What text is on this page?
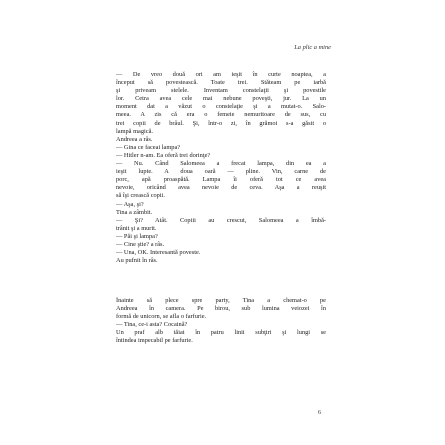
La plic a mine
— De vreo două ori am ieşit în curte noaptea, a
început să povestească. Toate trei. Stăteam pe iarbă
şi priveam stelele. Inventam constelaţii şi povestile
lor. Cetra avea cele mai nebune poveşti, jur. La un
moment dat a văzut o constelaţie şi a mutat-o. Salo-
meea. A zis că era o femeie nemuritoare de sus, cu
trei copii de brâul. Şi, într-o zi, în grămoi s-a găsit o
lampă magică.
Andreea a râs.
— Gina ce faceai lampa?
— Hitler n-am. Ea oferă trei dorinţe?
— Nu. Când Salomeea a frecat lampa, din ea a
ieşit lupte. A doua oară — pline. Vin, carne de
porc, apă proaspătă. Lampa îi oferă tot ce avea
nevoie, oricând avea nevoie de ceva. Aşa a reuşit
să îşi crească copii.
— Aşa, şi?
Tina a zâmbit.
— Şi? Atât. Copiii au crescut, Salomeea a îmbă-
trânit şi a murit.
— Păi şi lampa?
— Cine ştie? a râs.
— Una, OK. Interesantă poveste.
Au pufnit în râs.
Înainte să plece spre party, Tina a chemat-o pe
Andreea în camera. Pe birou, sub lumina veiozei în
formă de unicorn, se afla o farfurie.
— Tina, ce-i asta? Cocaină?
Un praf alb tăiat în patru linii subţiri şi lungi se
întindea impecabil pe farfurie.
6
